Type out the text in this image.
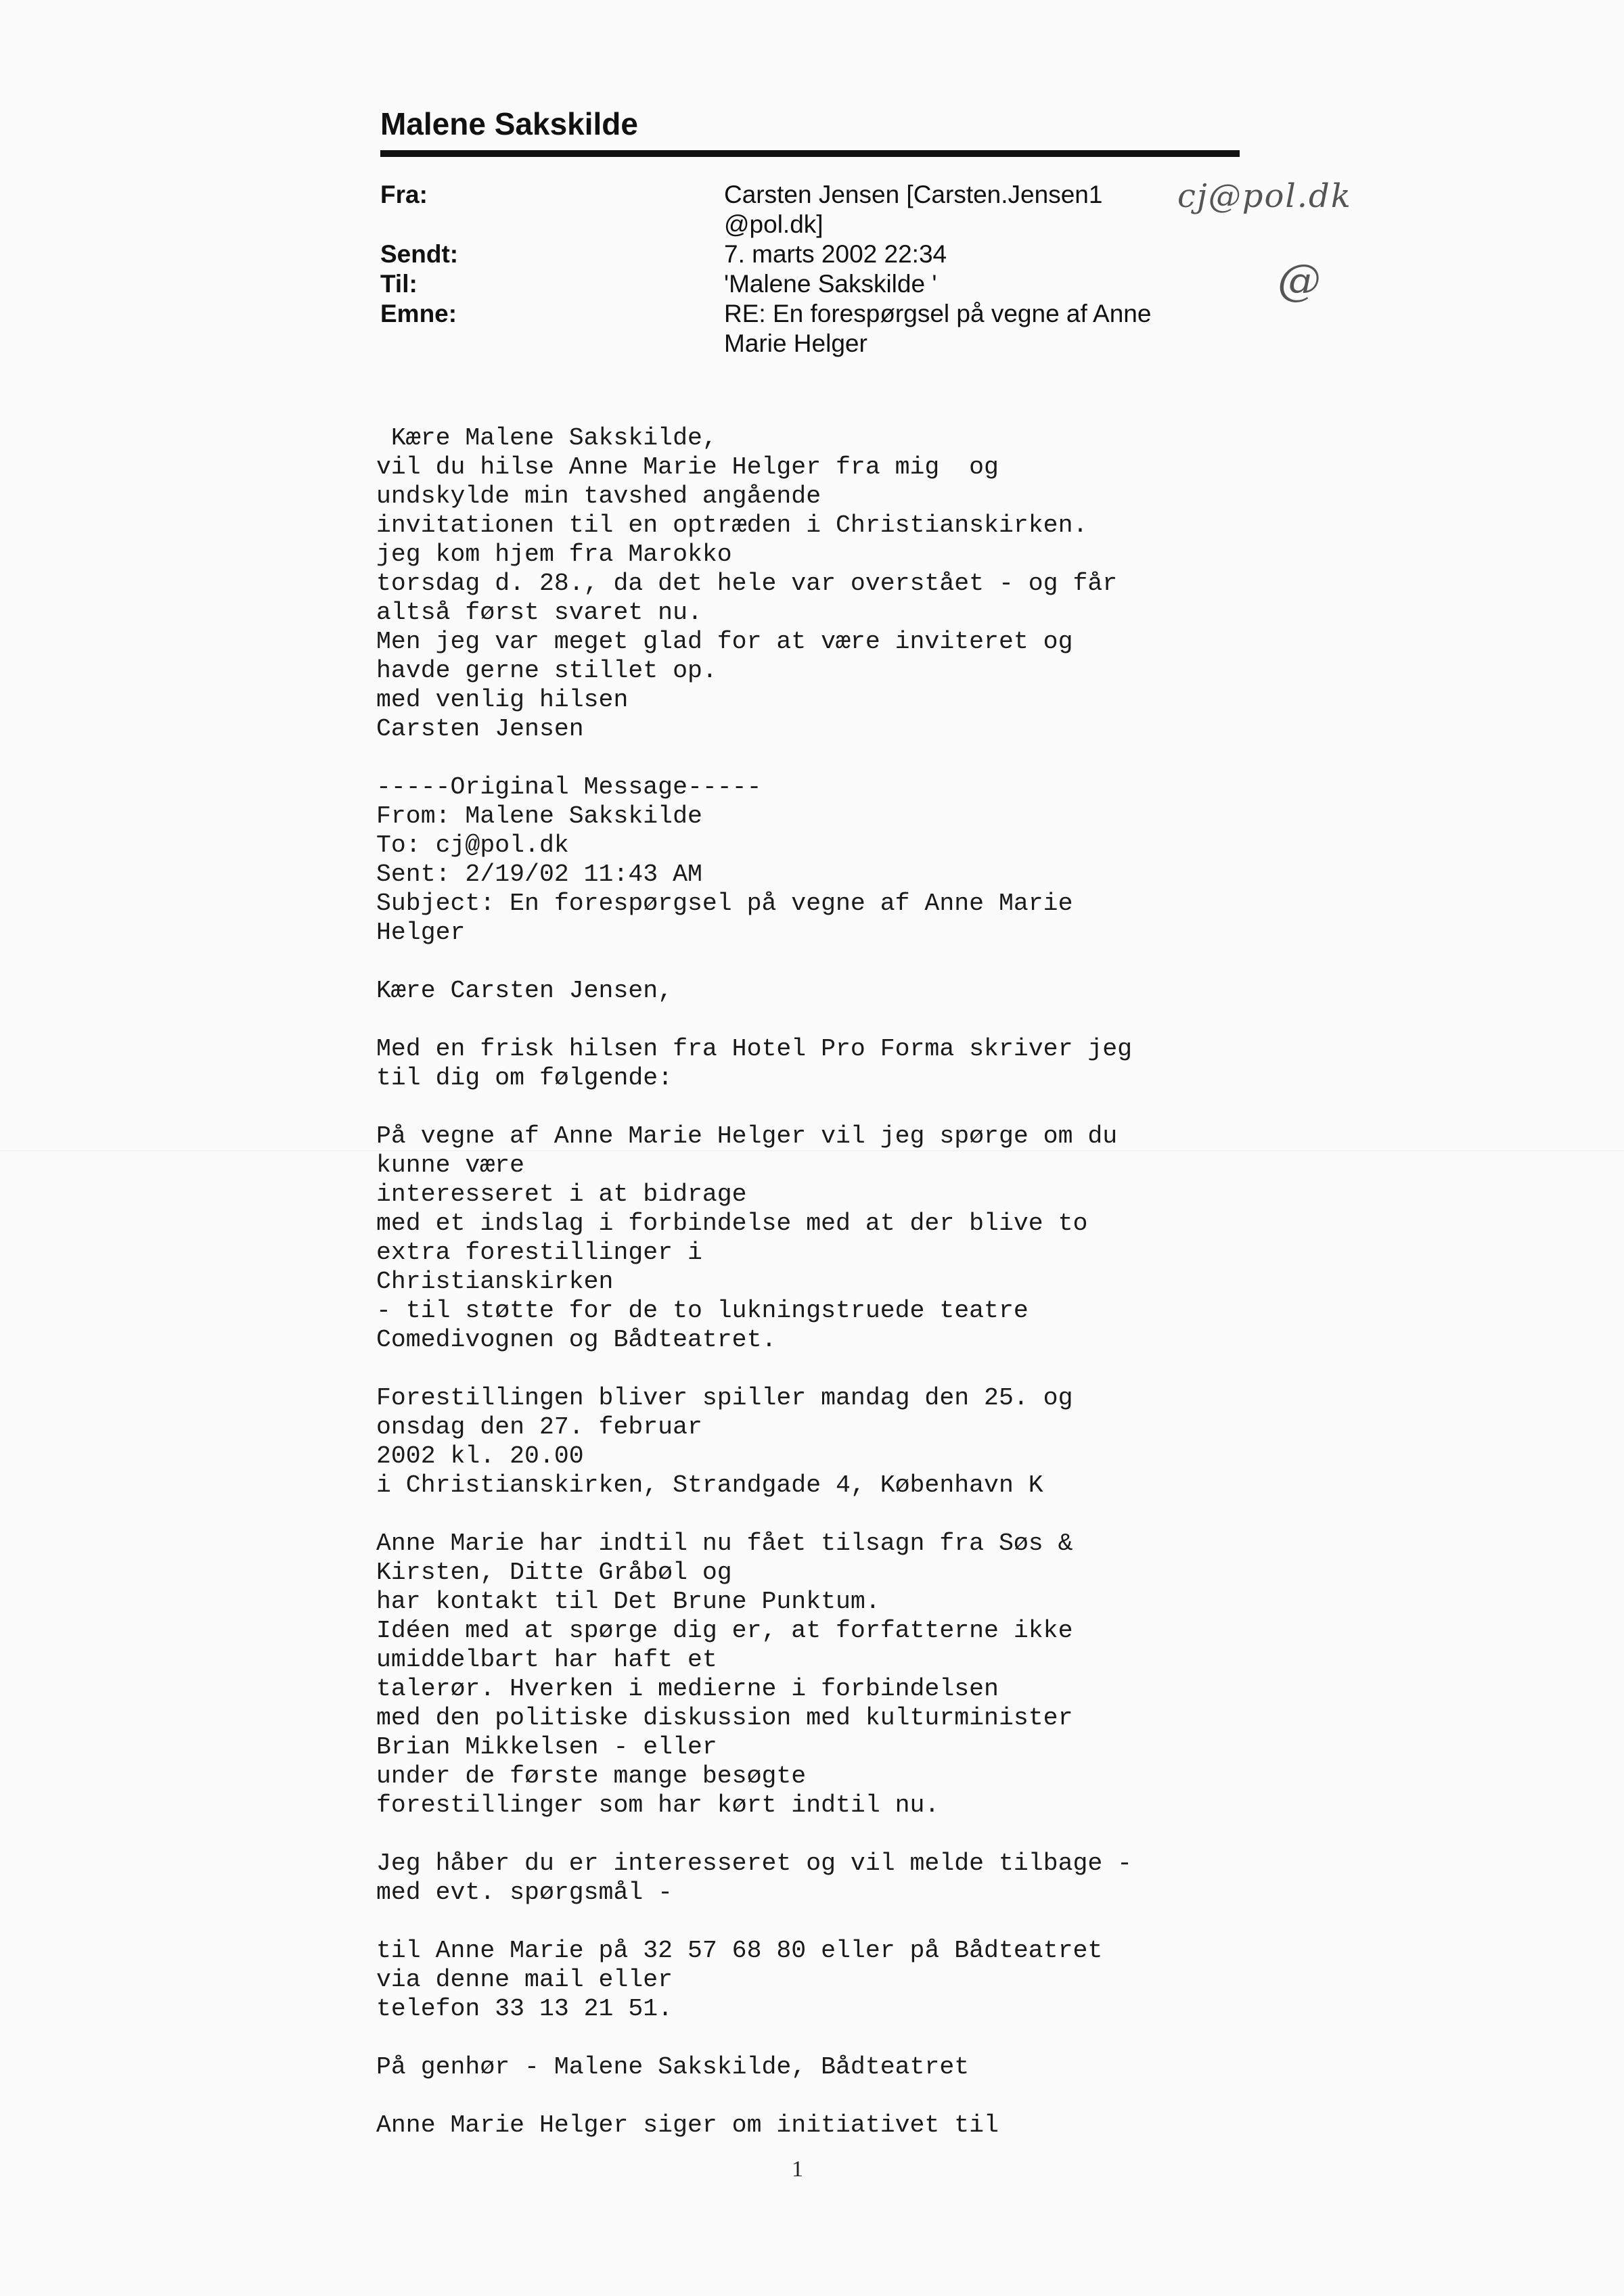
Malene Sakskilde
Fra:	Carsten Jensen [Carsten.Jensen1
@pol.dk]
Sendt:	7. marts 2002 22:34
Til:	'Malene Sakskilde '
Emne:	RE: En forespørgsel på vegne af Anne
Marie Helger
cj@pol.dk
@
Kære Malene Sakskilde,
vil du hilse Anne Marie Helger fra mig  og
undskylde min tavshed angående
invitationen til en optræden i Christianskirken.
jeg kom hjem fra Marokko
torsdag d. 28., da det hele var overstået - og får
altså først svaret nu.
Men jeg var meget glad for at være inviteret og
havde gerne stillet op.
med venlig hilsen
Carsten Jensen

-----Original Message-----
From: Malene Sakskilde
To: cj@pol.dk
Sent: 2/19/02 11:43 AM
Subject: En forespørgsel på vegne af Anne Marie
Helger

Kære Carsten Jensen,

Med en frisk hilsen fra Hotel Pro Forma skriver jeg
til dig om følgende:

På vegne af Anne Marie Helger vil jeg spørge om du
kunne være
interesseret i at bidrage
med et indslag i forbindelse med at der blive to
extra forestillinger i
Christianskirken
- til støtte for de to lukningstruede teatre
Comedivognen og Bådteatret.

Forestillingen bliver spiller mandag den 25. og
onsdag den 27. februar
2002 kl. 20.00
i Christianskirken, Strandgade 4, København K

Anne Marie har indtil nu fået tilsagn fra Søs &
Kirsten, Ditte Gråbøl og
har kontakt til Det Brune Punktum.
Idéen med at spørge dig er, at forfatterne ikke
umiddelbart har haft et
talerør. Hverken i medierne i forbindelsen
med den politiske diskussion med kulturminister
Brian Mikkelsen - eller
under de første mange besøgte
forestillinger som har kørt indtil nu.

Jeg håber du er interesseret og vil melde tilbage -
med evt. spørgsmål -

til Anne Marie på 32 57 68 80 eller på Bådteatret
via denne mail eller
telefon 33 13 21 51.

På genhør - Malene Sakskilde, Bådteatret

Anne Marie Helger siger om initiativet til
1
